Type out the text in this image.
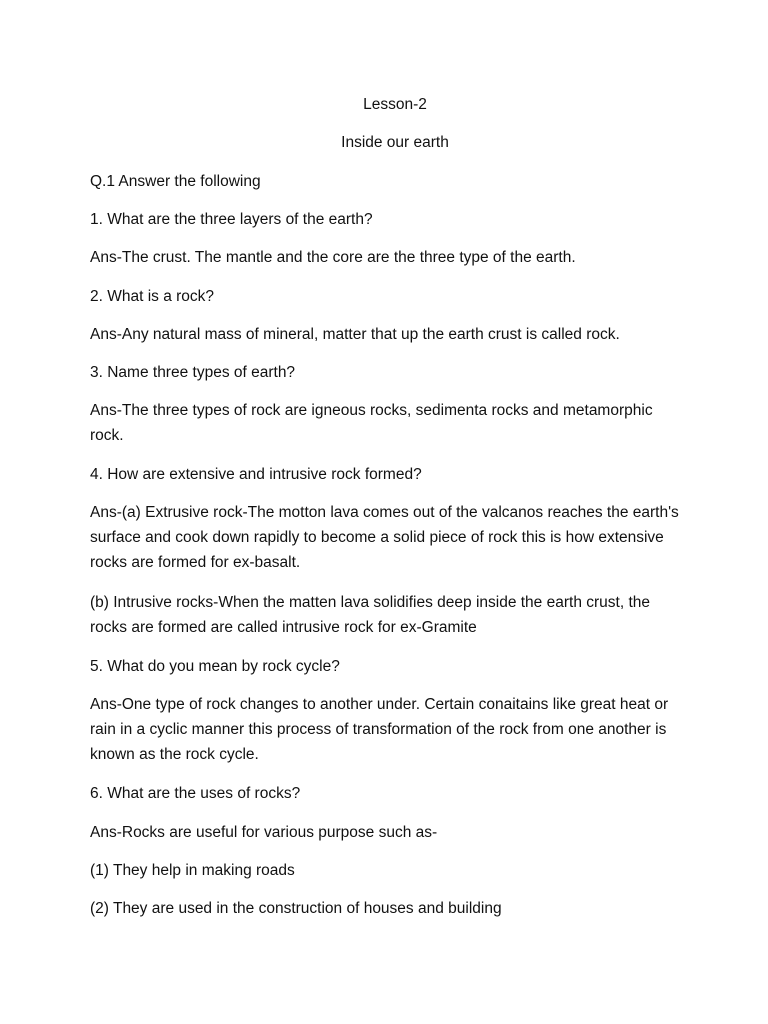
Lesson-2
Inside our earth
Q.1 Answer the following
1. What are the three layers of the earth?
Ans-The crust. The mantle and the core are the three type of the earth.
2. What is a rock?
Ans-Any natural mass of mineral, matter that up the earth crust is called rock.
3. Name three types of earth?
Ans-The three types of rock are igneous rocks, sedimenta rocks and metamorphic rock.
4. How are extensive and intrusive rock formed?
Ans-(a) Extrusive rock-The motton lava comes out of the valcanos reaches the earth's surface and cook down rapidly to become a solid piece of rock this is how extensive rocks are formed for ex-basalt.
(b) Intrusive rocks-When the matten lava solidifies deep inside the earth crust, the rocks are formed are called intrusive rock for ex-Gramite
5. What do you mean by rock cycle?
Ans-One type of rock changes to another under. Certain conaitains like great heat or rain in a cyclic manner this process of transformation of the rock from one another is known as the rock cycle.
6. What are the uses of rocks?
Ans-Rocks are useful for various purpose such as-
(1) They help in making roads
(2) They are used in the construction of houses and building
